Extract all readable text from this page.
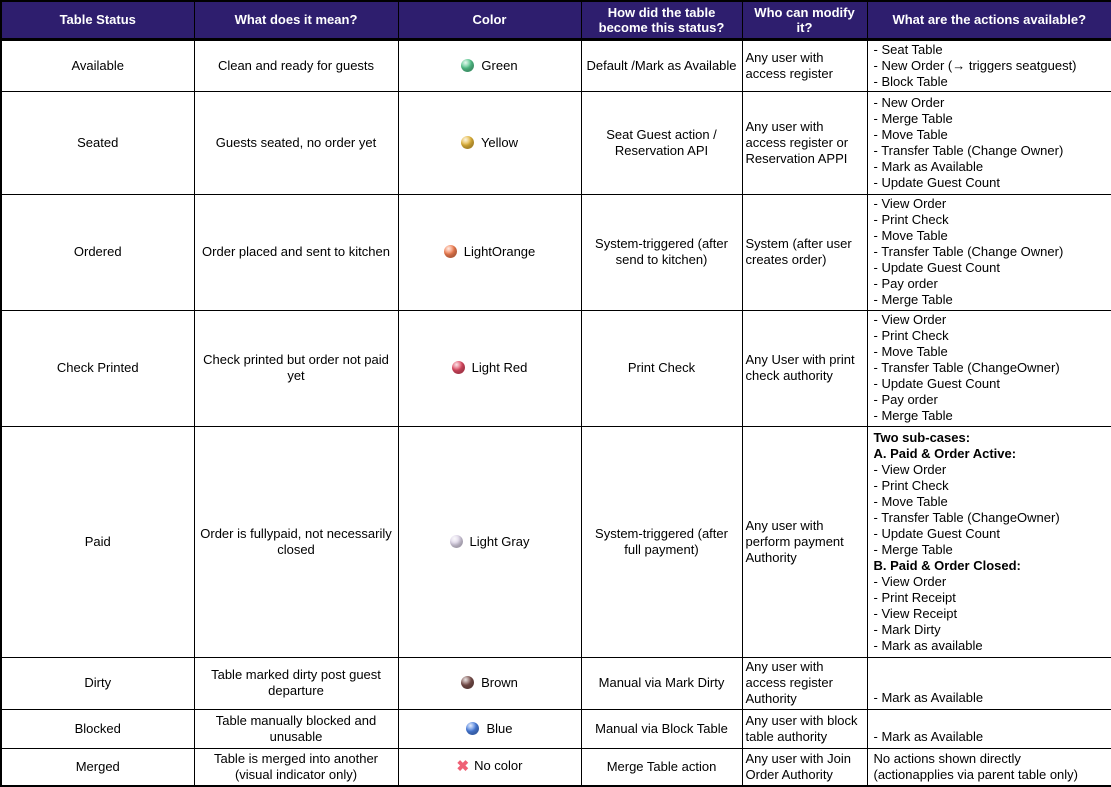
Table Status	What does it mean?	Color	How did the table become this status?	Who can modify it?	What are the actions available?
Available	Clean and ready for guests	Green	Default /Mark as Available	Any user with access register	- Seat Table
- New Order (→ triggers seatguest)
- Block Table

Seated	Guests seated, no order yet	Yellow	Seat Guest action / Reservation API	Any user with access register or Reservation APPI	
- New Order
- Merge Table
- Move Table
- Transfer Table (Change Owner)
- Mark as Available
- Update Guest Count

Ordered	Order placed and sent to kitchen	LightOrange	System-triggered (after send to kitchen)	System (after user creates order)	
- View Order
- Print Check
- Move Table
- Transfer Table (Change Owner)
- Update Guest Count
- Pay order
- Merge Table

Check Printed	Check printed but order not paid yet	Light Red	Print Check	Any User with print check authority	
- View Order
- Print Check
- Move Table
- Transfer Table (ChangeOwner)
- Update Guest Count
- Pay order
- Merge Table

Paid	Order is fullypaid, not necessarily closed	Light Gray	System-triggered (after full payment)	Any user with perform payment Authority	
Two sub-cases:
A. Paid & Order Active:
- View Order
- Print Check
- Move Table
- Transfer Table (ChangeOwner)
- Update Guest Count
- Merge Table
B. Paid & Order Closed:
- View Order
- Print Receipt
- View Receipt
- Mark Dirty
- Mark as available

Dirty	Table marked dirty post guest departure	Brown	Manual via Mark Dirty	Any user with access register Authority	- Mark as Available

Blocked	Table manually blocked and unusable	Blue	Manual via Block Table	Any user with block table authority	- Mark as Available

Merged	Table is merged into another (visual indicator only)	✖ No color	Merge Table action	Any user with Join Order Authority	No actions shown directly
(actionapplies via parent table only)
